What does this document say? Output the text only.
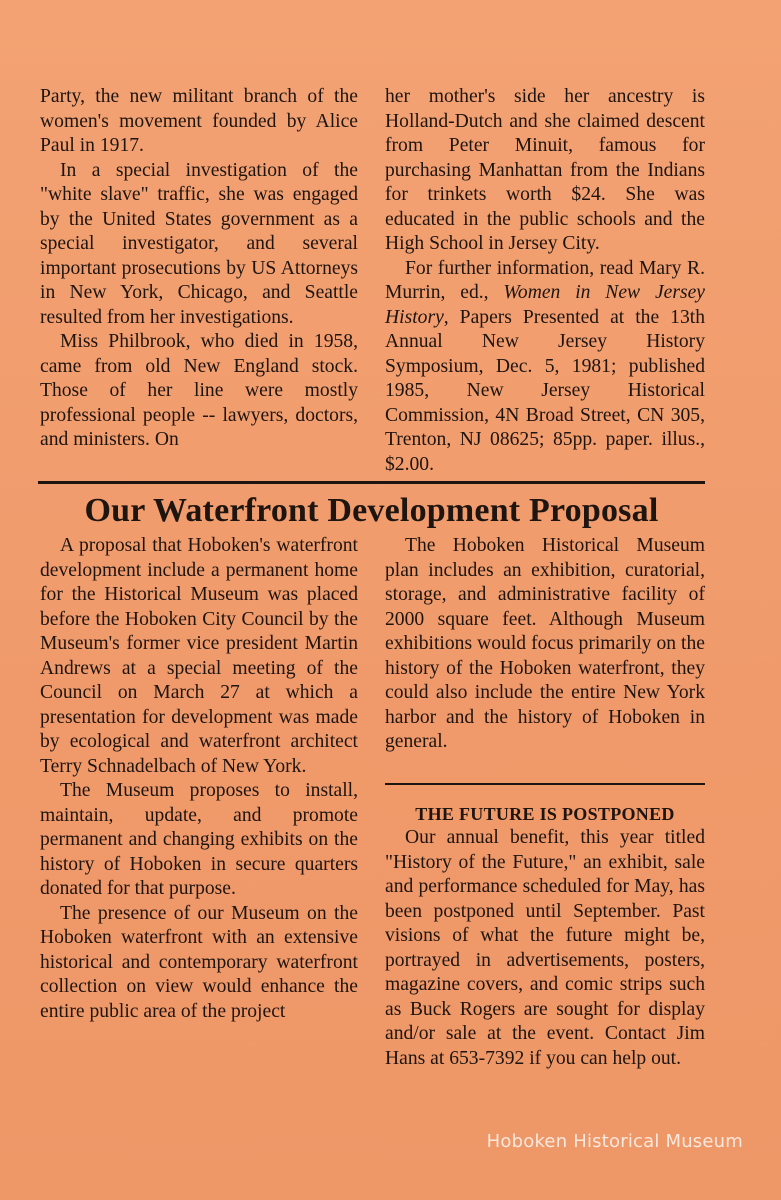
Party, the new militant branch of the women's movement founded by Alice Paul in 1917.

In a special investigation of the "white slave" traffic, she was engaged by the United States government as a special investigator, and several important prosecutions by US Attorneys in New York, Chicago, and Seattle resulted from her investigations.

Miss Philbrook, who died in 1958, came from old New England stock. Those of her line were mostly professional people -- lawyers, doctors, and ministers. On

her mother's side her ancestry is Holland-Dutch and she claimed descent from Peter Minuit, famous for purchasing Manhattan from the Indians for trinkets worth $24. She was educated in the public schools and the High School in Jersey City.

For further information, read Mary R. Murrin, ed., Women in New Jersey History, Papers Presented at the 13th Annual New Jersey History Symposium, Dec. 5, 1981; published 1985, New Jersey Historical Commission, 4N Broad Street, CN 305, Trenton, NJ 08625; 85pp. paper. illus., $2.00.

Our Waterfront Development Proposal

A proposal that Hoboken's waterfront development include a permanent home for the Historical Museum was placed before the Hoboken City Council by the Museum's former vice president Martin Andrews at a special meeting of the Council on March 27 at which a presentation for development was made by ecological and waterfront architect Terry Schnadelbach of New York.

The Museum proposes to install, maintain, update, and promote permanent and changing exhibits on the history of Hoboken in secure quarters donated for that purpose.

The presence of our Museum on the Hoboken waterfront with an extensive historical and contemporary waterfront collection on view would enhance the entire public area of the project

The Hoboken Historical Museum plan includes an exhibition, curatorial, storage, and administrative facility of 2000 square feet. Although Museum exhibitions would focus primarily on the history of the Hoboken waterfront, they could also include the entire New York harbor and the history of Hoboken in general.

THE FUTURE IS POSTPONED

Our annual benefit, this year titled "History of the Future," an exhibit, sale and performance scheduled for May, has been postponed until September. Past visions of what the future might be, portrayed in advertisements, posters, magazine covers, and comic strips such as Buck Rogers are sought for display and/or sale at the event. Contact Jim Hans at 653-7392 if you can help out.

Hoboken Historical Museum
